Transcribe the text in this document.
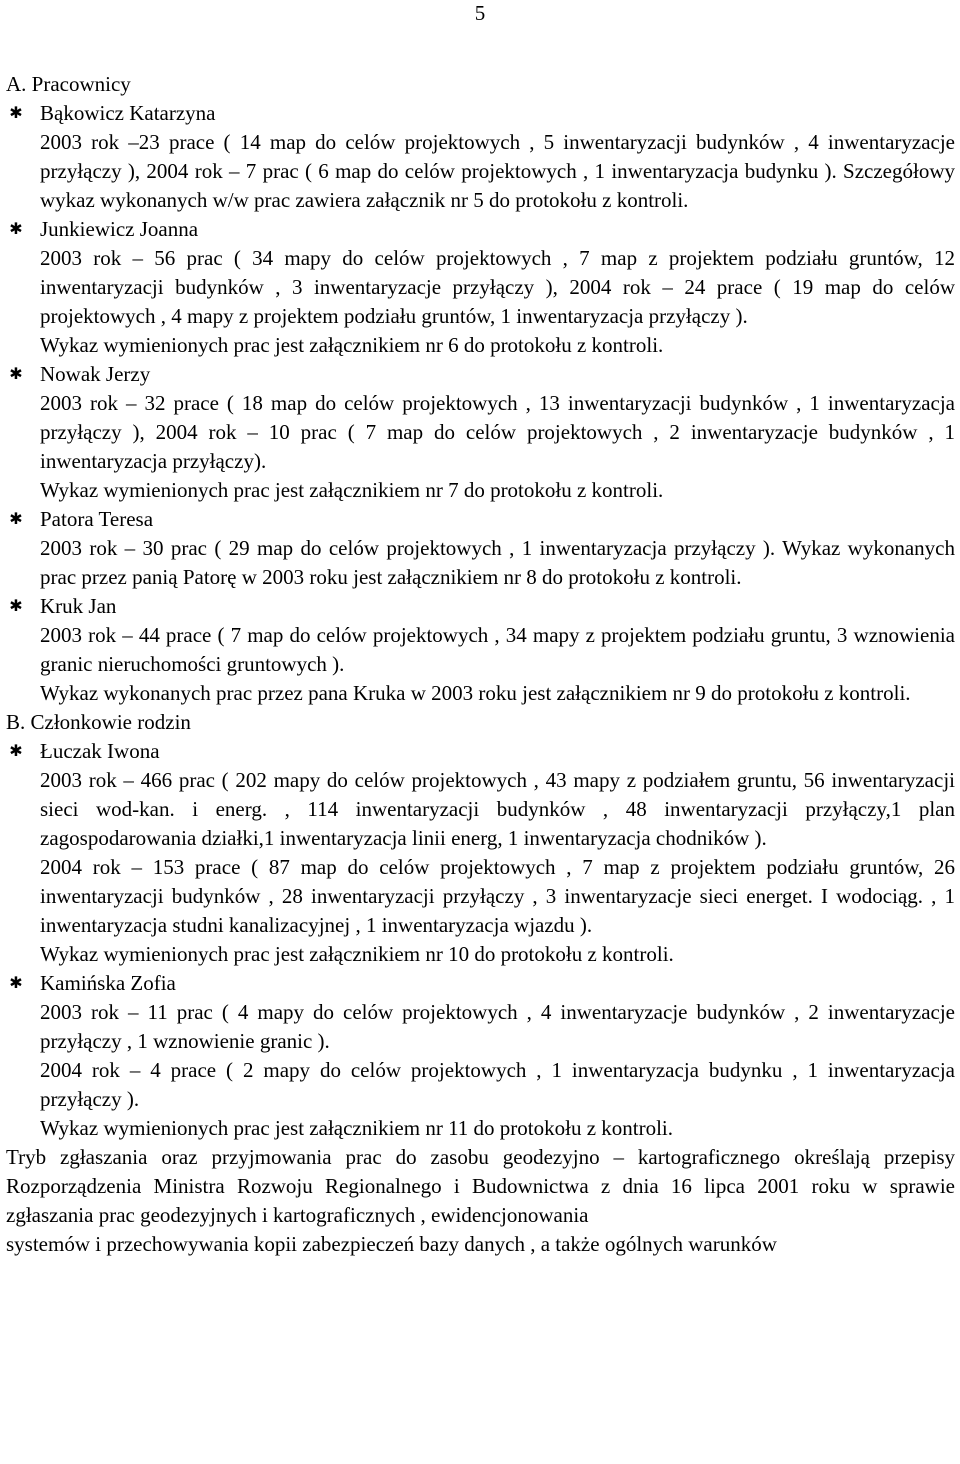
5
A. Pracownicy
✱ Bąkowicz Katarzyna
2003 rok –23 prace ( 14 map do celów projektowych , 5 inwentaryzacji budynków , 4 inwentaryzacje przyłączy ), 2004 rok – 7 prac ( 6 map do celów projektowych , 1 inwentaryzacja budynku ). Szczegółowy wykaz wykonanych w/w prac zawiera załącznik nr 5 do protokołu z kontroli.
✱ Junkiewicz Joanna
2003 rok – 56 prac ( 34 mapy do celów projektowych , 7 map z projektem podziału gruntów, 12 inwentaryzacji budynków , 3 inwentaryzacje przyłączy ), 2004 rok – 24 prace ( 19 map do celów projektowych , 4 mapy z projektem podziału gruntów, 1 inwentaryzacja przyłączy ).
Wykaz wymienionych prac jest załącznikiem nr 6 do protokołu z kontroli.
✱ Nowak Jerzy
2003 rok – 32 prace ( 18 map do celów projektowych , 13 inwentaryzacji budynków , 1 inwentaryzacja przyłączy ), 2004 rok – 10 prac ( 7 map do celów projektowych , 2 inwentaryzacje budynków , 1 inwentaryzacja przyłączy).
Wykaz wymienionych prac jest załącznikiem nr 7 do protokołu z kontroli.
✱ Patora Teresa
2003 rok – 30 prac ( 29 map do celów projektowych , 1 inwentaryzacja przyłączy ). Wykaz wykonanych prac przez panią Patorę w 2003 roku jest załącznikiem nr 8 do protokołu z kontroli.
✱ Kruk Jan
2003 rok – 44 prace ( 7 map do celów projektowych , 34 mapy z projektem podziału gruntu, 3 wznowienia granic nieruchomości gruntowych ).
Wykaz wykonanych prac przez pana Kruka w 2003 roku jest załącznikiem nr 9 do protokołu z kontroli.
B. Członkowie rodzin
✱ Łuczak Iwona
2003 rok – 466 prac ( 202 mapy do celów projektowych , 43 mapy z podziałem gruntu, 56 inwentaryzacji sieci wod-kan. i energ. , 114 inwentaryzacji budynków , 48 inwentaryzacji przyłączy,1 plan zagospodarowania działki,1 inwentaryzacja linii energ, 1 inwentaryzacja chodników ).
2004 rok – 153 prace ( 87 map do celów projektowych , 7 map z projektem podziału gruntów, 26 inwentaryzacji budynków , 28 inwentaryzacji przyłączy , 3 inwentaryzacje sieci energet. I wodociąg. , 1 inwentaryzacja studni kanalizacyjnej , 1 inwentaryzacja wjazdu ).
Wykaz wymienionych prac jest załącznikiem nr 10 do protokołu z kontroli.
✱ Kamińska Zofia
2003 rok – 11 prac ( 4 mapy do celów projektowych , 4 inwentaryzacje budynków , 2 inwentaryzacje przyłączy , 1 wznowienie granic ).
2004 rok – 4 prace ( 2 mapy do celów projektowych , 1 inwentaryzacja budynku , 1 inwentaryzacja przyłączy ).
Wykaz wymienionych prac jest załącznikiem nr 11 do protokołu z kontroli.
Tryb zgłaszania oraz przyjmowania prac do zasobu geodezyjno – kartograficznego określają przepisy Rozporządzenia Ministra Rozwoju Regionalnego i Budownictwa z dnia 16 lipca 2001 roku w sprawie zgłaszania prac geodezyjnych i kartograficznych , ewidencjonowania
systemów i przechowywania kopii zabezpieczeń bazy danych , a także ogólnych warunków
